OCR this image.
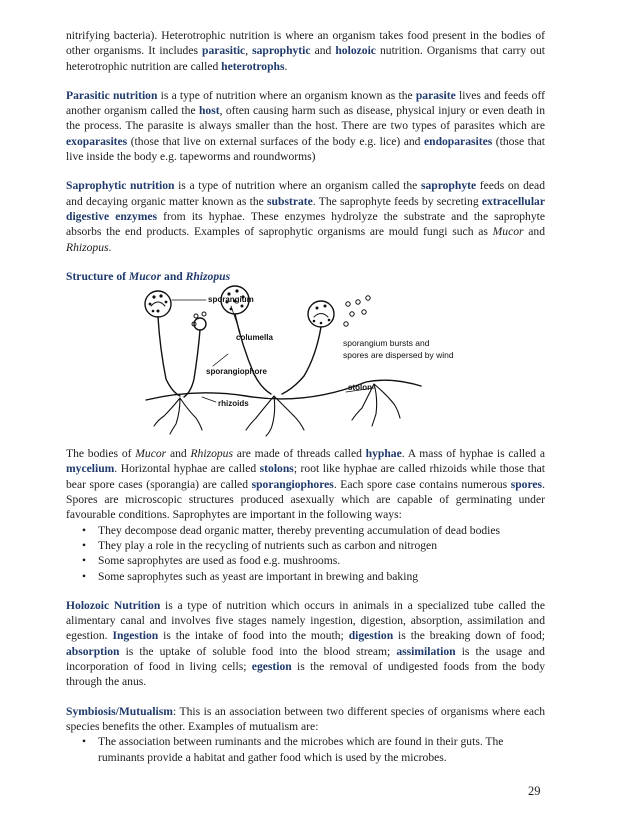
nitrifying bacteria). Heterotrophic nutrition is where an organism takes food present in the bodies of other organisms. It includes parasitic, saprophytic and holozoic nutrition. Organisms that carry out heterotrophic nutrition are called heterotrophs.

Parasitic nutrition is a type of nutrition where an organism known as the parasite lives and feeds off another organism called the host, often causing harm such as disease, physical injury or even death in the process. The parasite is always smaller than the host. There are two types of parasites which are exoparasites (those that live on external surfaces of the body e.g. lice) and endoparasites (those that live inside the body e.g. tapeworms and roundworms)

Saprophytic nutrition is a type of nutrition where an organism called the saprophyte feeds on dead and decaying organic matter known as the substrate. The saprophyte feeds by secreting extracellular digestive enzymes from its hyphae. These enzymes hydrolyze the substrate and the saprophyte absorbs the end products. Examples of saprophytic organisms are mould fungi such as Mucor and Rhizopus.

Structure of Mucor and Rhizopus

sporangium
columella
sporangiophore
rhizoids
stolon
sporangium bursts and
spores are dispersed by wind

The bodies of Mucor and Rhizopus are made of threads called hyphae. A mass of hyphae is called a mycelium. Horizontal hyphae are called stolons; root like hyphae are called rhizoids while those that bear spore cases (sporangia) are called sporangiophores. Each spore case contains numerous spores. Spores are microscopic structures produced asexually which are capable of germinating under favourable conditions. Saprophytes are important in the following ways:

• They decompose dead organic matter, thereby preventing accumulation of dead bodies
• They play a role in the recycling of nutrients such as carbon and nitrogen
• Some saprophytes are used as food e.g. mushrooms.
• Some saprophytes such as yeast are important in brewing and baking

Holozoic Nutrition is a type of nutrition which occurs in animals in a specialized tube called the alimentary canal and involves five stages namely ingestion, digestion, absorption, assimilation and egestion. Ingestion is the intake of food into the mouth; digestion is the breaking down of food; absorption is the uptake of soluble food into the blood stream; assimilation is the usage and incorporation of food in living cells; egestion is the removal of undigested foods from the body through the anus.

Symbiosis/Mutualism: This is an association between two different species of organisms where each species benefits the other. Examples of mutualism are:

• The association between ruminants and the microbes which are found in their guts. The ruminants provide a habitat and gather food which is used by the microbes.
29
